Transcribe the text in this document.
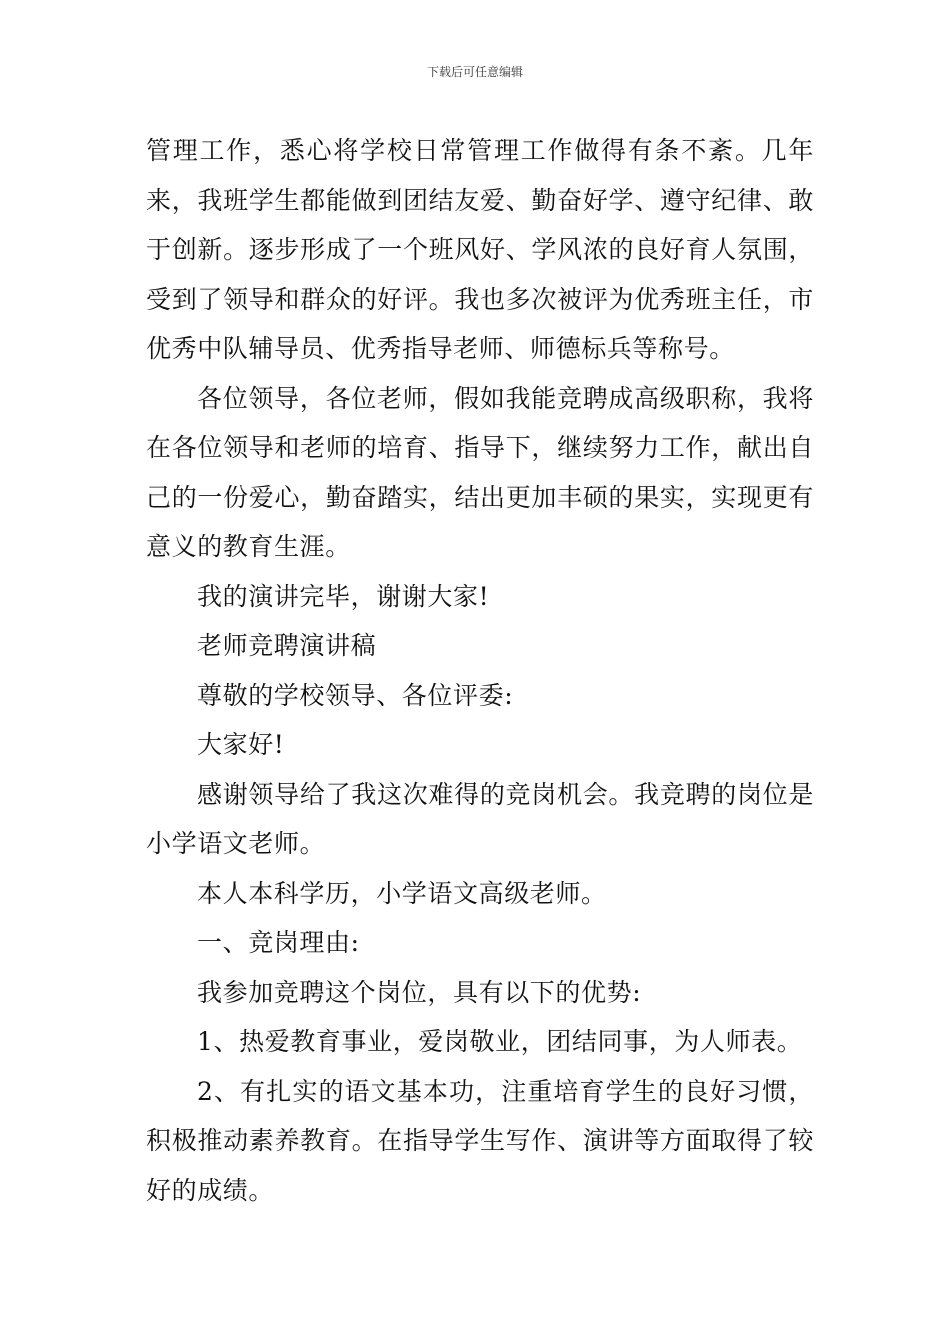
下载后可任意编辑

管理工作，悉心将学校日常管理工作做得有条不紊。几年来，我班学生都能做到团结友爱、勤奋好学、遵守纪律、敢于创新。逐步形成了一个班风好、学风浓的良好育人氛围，受到了领导和群众的好评。我也多次被评为优秀班主任，市优秀中队辅导员、优秀指导老师、师德标兵等称号。

各位领导，各位老师，假如我能竞聘成高级职称，我将在各位领导和老师的培育、指导下，继续努力工作，献出自己的一份爱心，勤奋踏实，结出更加丰硕的果实，实现更有意义的教育生涯。

我的演讲完毕，谢谢大家!

老师竞聘演讲稿

尊敬的学校领导、各位评委:

大家好!

感谢领导给了我这次难得的竞岗机会。我竞聘的岗位是小学语文老师。

本人本科学历，小学语文高级老师。

一、竞岗理由:

我参加竞聘这个岗位，具有以下的优势:

1、热爱教育事业，爱岗敬业，团结同事，为人师表。

2、有扎实的语文基本功，注重培育学生的良好习惯，积极推动素养教育。在指导学生写作、演讲等方面取得了较好的成绩。
